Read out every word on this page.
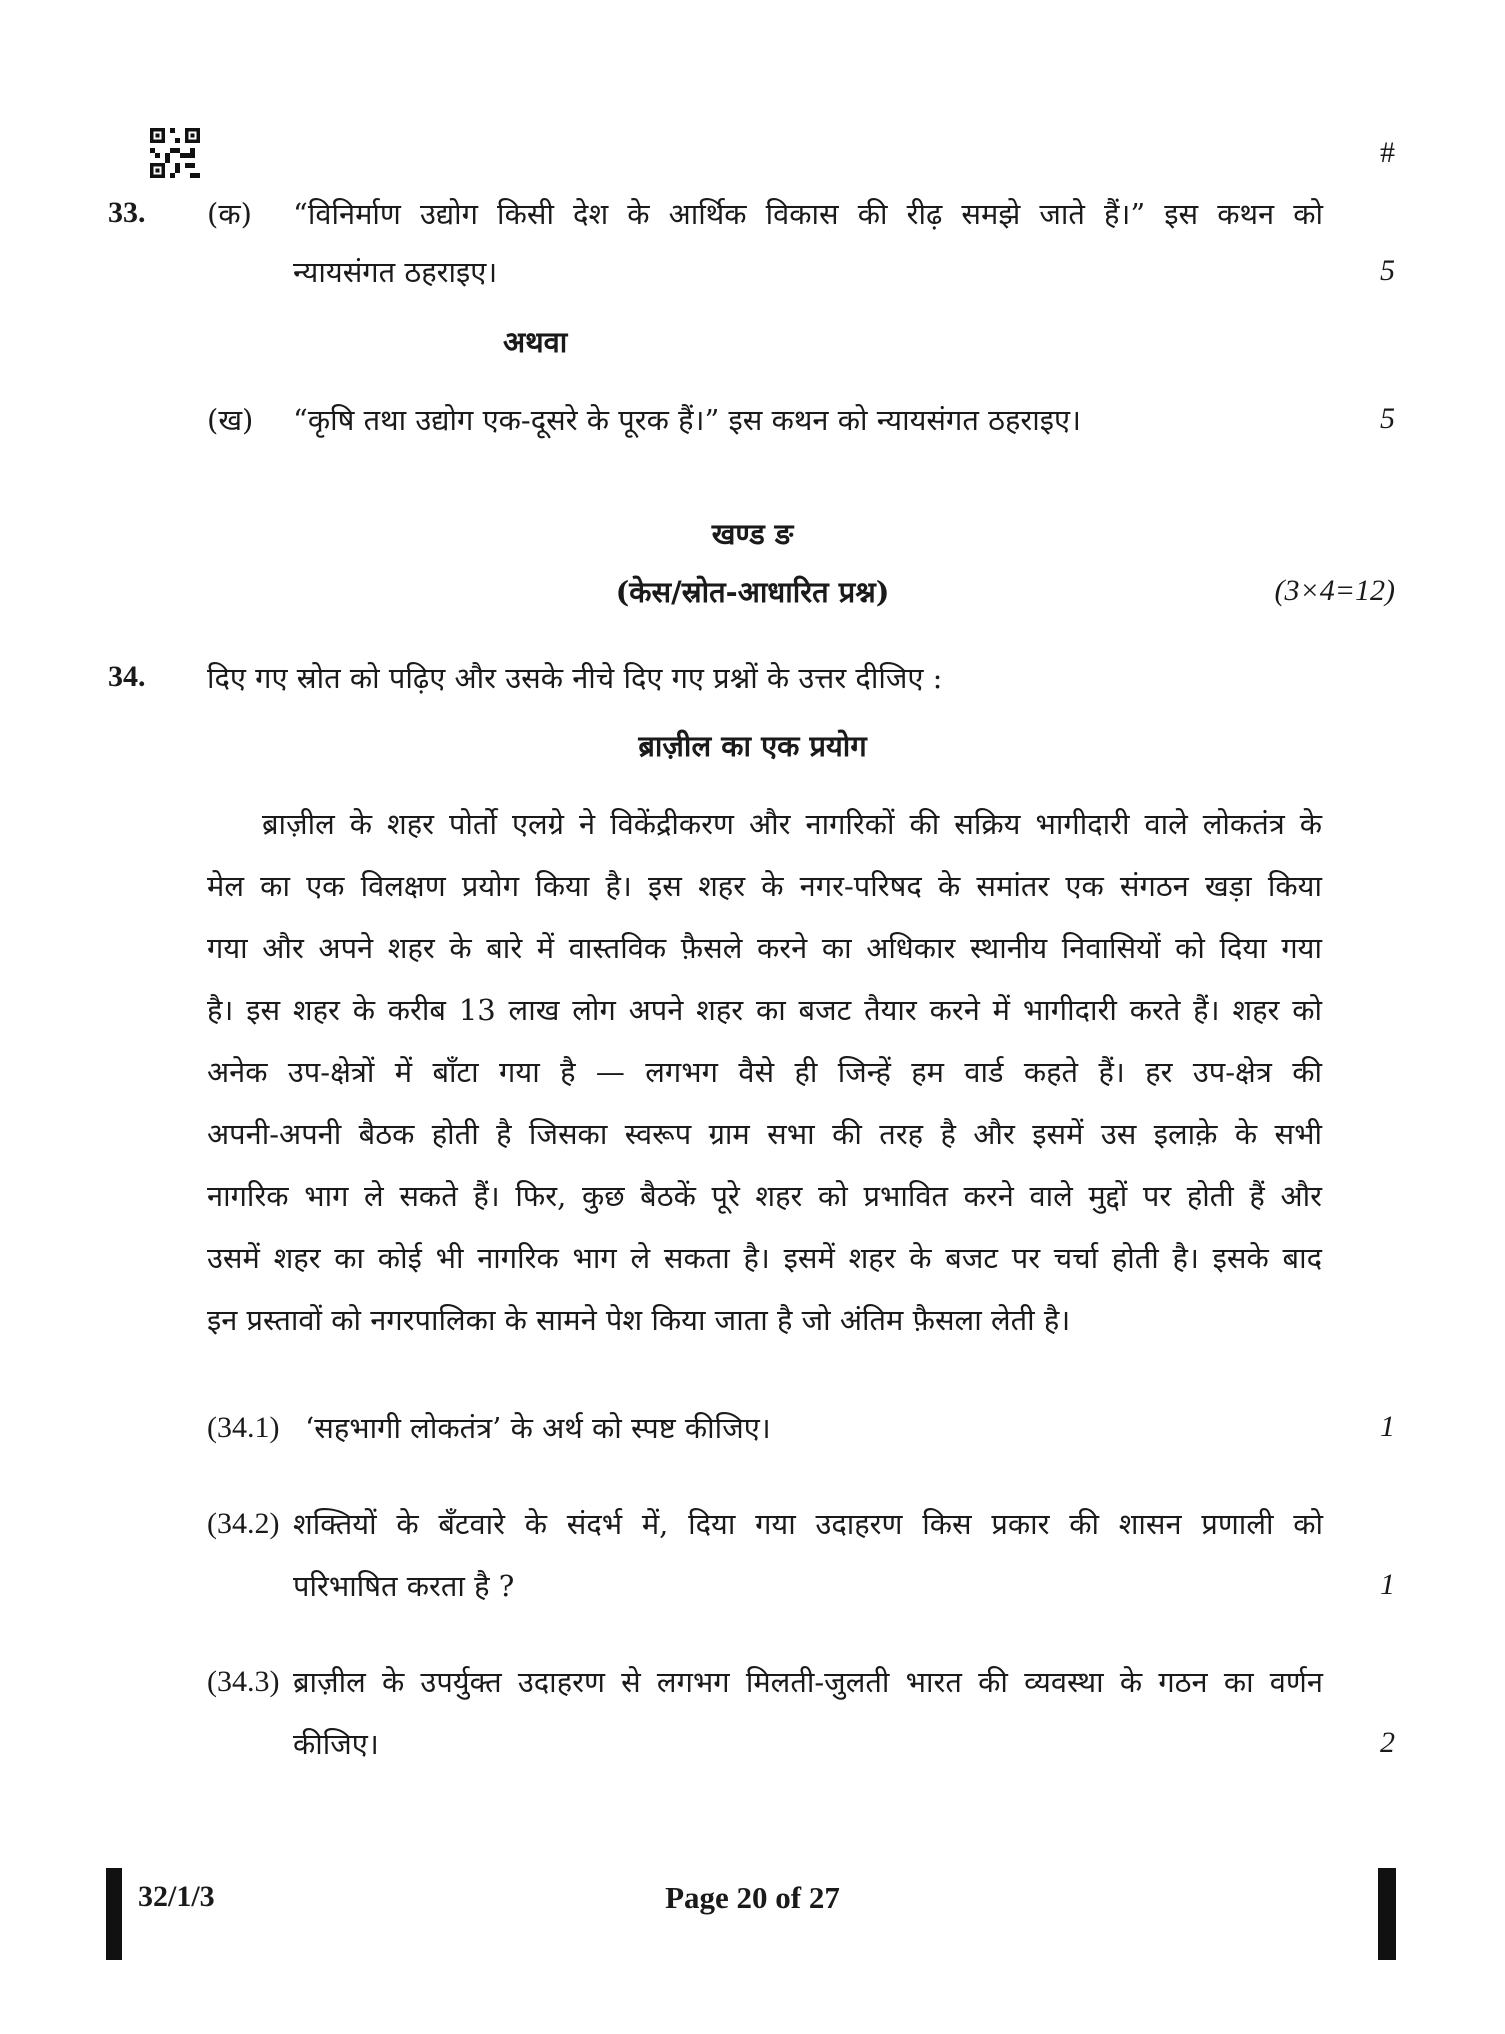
#
33. (क) “विनिर्माण उद्योग किसी देश के आर्थिक विकास की रीढ़ समझे जाते हैं।” इस कथन को
न्यायसंगत ठहराइए।	5
अथवा
(ख) “कृषि तथा उद्योग एक-दूसरे के पूरक हैं।” इस कथन को न्यायसंगत ठहराइए।	5
खण्ड ङ
(केस/स्रोत-आधारित प्रश्न)	(3×4=12)
34. दिए गए स्रोत को पढ़िए और उसके नीचे दिए गए प्रश्नों के उत्तर दीजिए :
ब्राज़ील का एक प्रयोग
ब्राज़ील के शहर पोर्तो एलग्रे ने विकेंद्रीकरण और नागरिकों की सक्रिय भागीदारी वाले लोकतंत्र के
मेल का एक विलक्षण प्रयोग किया है। इस शहर के नगर-परिषद के समांतर एक संगठन खड़ा किया
गया और अपने शहर के बारे में वास्तविक फ़ैसले करने का अधिकार स्थानीय निवासियों को दिया गया
है। इस शहर के करीब 13 लाख लोग अपने शहर का बजट तैयार करने में भागीदारी करते हैं। शहर को
अनेक उप-क्षेत्रों में बाँटा गया है — लगभग वैसे ही जिन्हें हम वार्ड कहते हैं। हर उप-क्षेत्र की
अपनी-अपनी बैठक होती है जिसका स्वरूप ग्राम सभा की तरह है और इसमें उस इलाक़े के सभी
नागरिक भाग ले सकते हैं। फिर, कुछ बैठकें पूरे शहर को प्रभावित करने वाले मुद्दों पर होती हैं और
उसमें शहर का कोई भी नागरिक भाग ले सकता है। इसमें शहर के बजट पर चर्चा होती है। इसके बाद
इन प्रस्तावों को नगरपालिका के सामने पेश किया जाता है जो अंतिम फ़ैसला लेती है।
(34.1) ‘सहभागी लोकतंत्र’ के अर्थ को स्पष्ट कीजिए।	1
(34.2) शक्तियों के बँटवारे के संदर्भ में, दिया गया उदाहरण किस प्रकार की शासन प्रणाली को
परिभाषित करता है ?	1
(34.3) ब्राज़ील के उपर्युक्त उदाहरण से लगभग मिलती-जुलती भारत की व्यवस्था के गठन का वर्णन
कीजिए।	2
32/1/3	Page 20 of 27
